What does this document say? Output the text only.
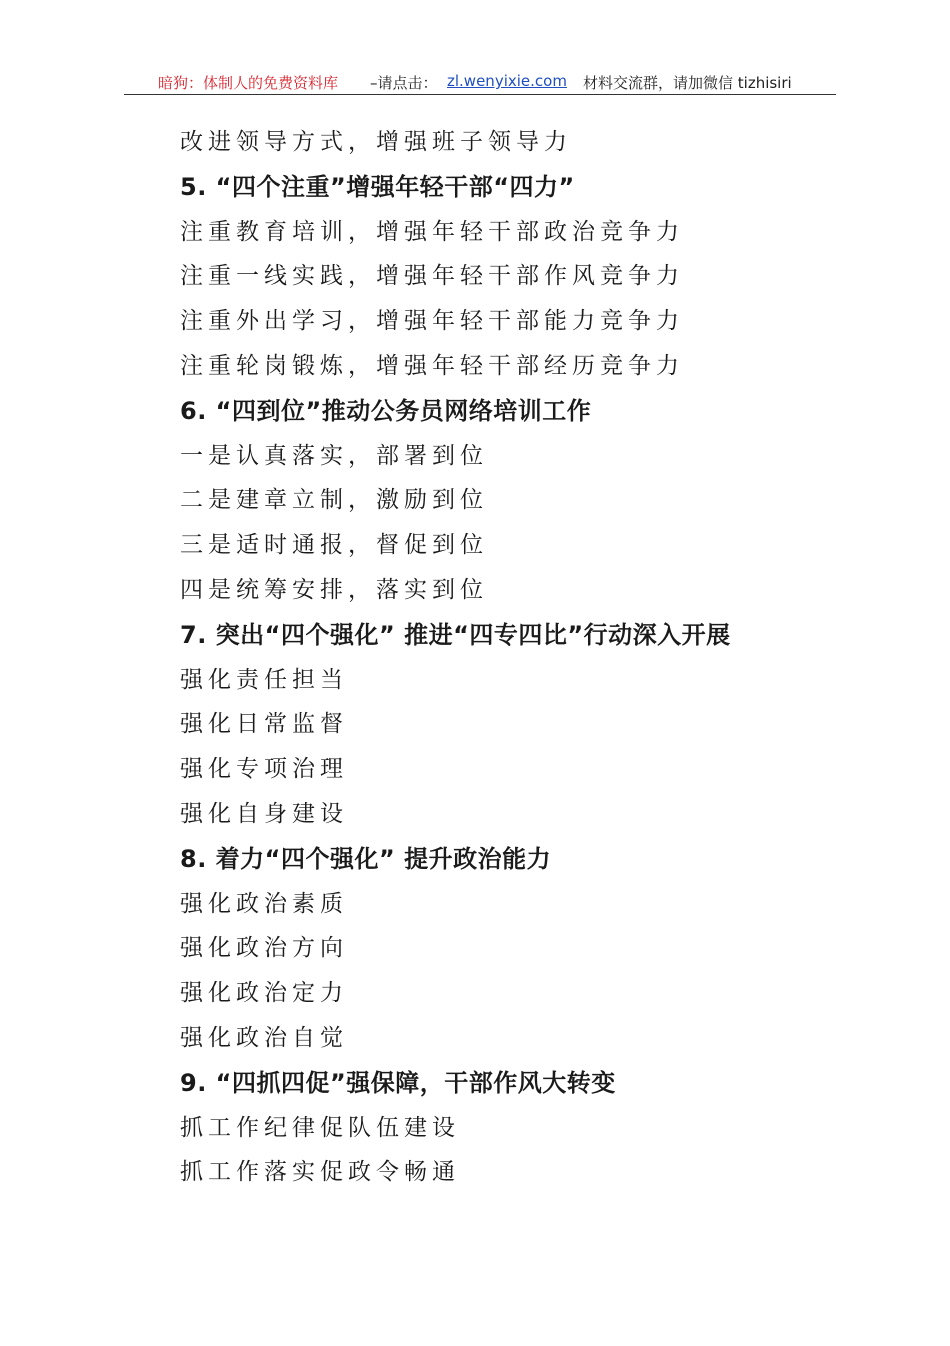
暗狗：体制人的免费资料库 –请点击： zl.wenyixie.com 材料交流群，请加微信 tizhisiri
改进领导方式，增强班子领导力
5. “四个注重”增强年轻干部“四力”
注重教育培训，增强年轻干部政治竞争力
注重一线实践，增强年轻干部作风竞争力
注重外出学习，增强年轻干部能力竞争力
注重轮岗锻炼，增强年轻干部经历竞争力
6. “四到位”推动公务员网络培训工作
一是认真落实，部署到位
二是建章立制，激励到位
三是适时通报，督促到位
四是统筹安排，落实到位
7. 突出“四个强化” 推进“四专四比”行动深入开展
强化责任担当
强化日常监督
强化专项治理
强化自身建设
8. 着力“四个强化” 提升政治能力
强化政治素质
强化政治方向
强化政治定力
强化政治自觉
9. “四抓四促”强保障，干部作风大转变
抓工作纪律促队伍建设
抓工作落实促政令畅通
